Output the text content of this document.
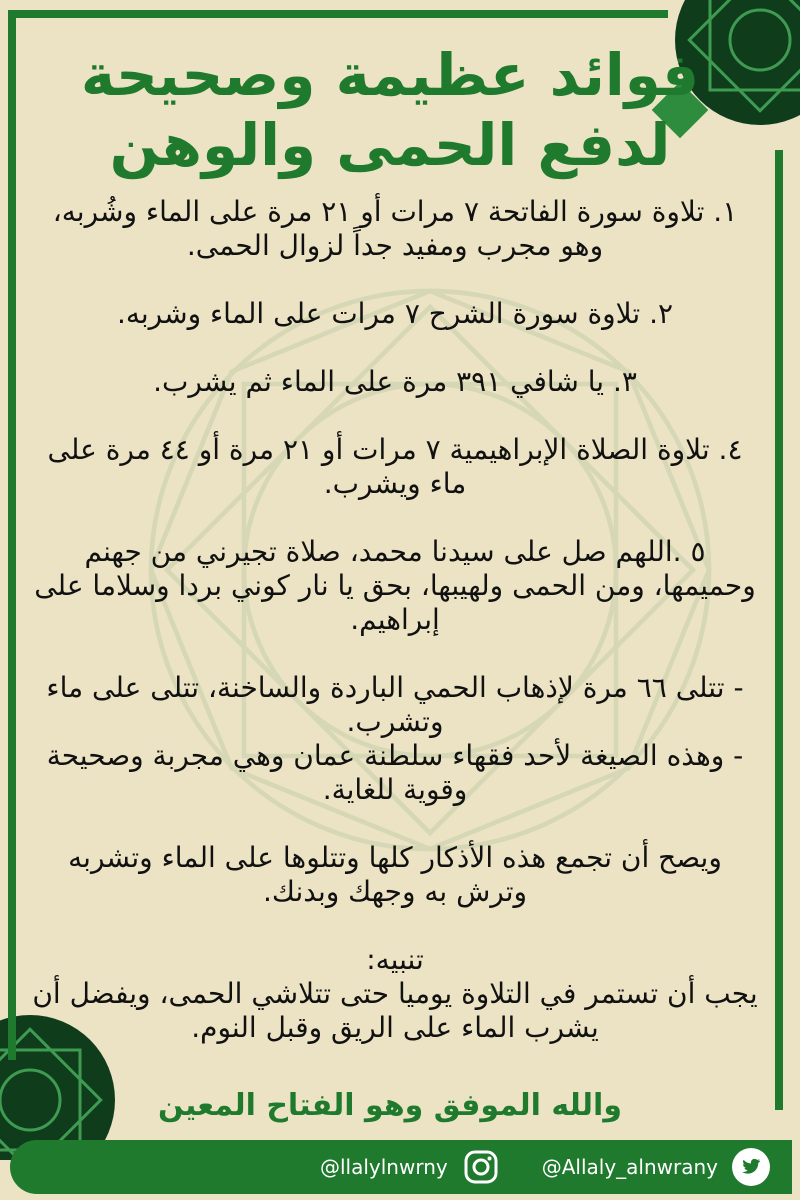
فوائد عظيمة وصحيحة
لدفع الحمى والوهن

١. تلاوة سورة الفاتحة ٧ مرات أو ٢١ مرة على الماء وشُربه، وهو مجرب ومفيد جداً لزوال الحمى.

٢. تلاوة سورة الشرح ٧ مرات على الماء وشربه.

٣. يا شافي ٣٩١ مرة على الماء ثم يشرب.

٤. تلاوة الصلاة الإبراهيمية ٧ مرات أو ٢١ مرة أو ٤٤ مرة على ماء ويشرب.

٥ .اللهم صل على سيدنا محمد، صلاة تجيرني من جهنم وحميمها، ومن الحمى ولهيبها، بحق يا نار كوني بردا وسلاما على إبراهيم.

- تتلى ٦٦ مرة لإذهاب الحمي الباردة والساخنة، تتلى على ماء وتشرب.

- وهذه الصيغة لأحد فقهاء سلطنة عمان وهي مجربة وصحيحة وقوية للغاية.

ويصح أن تجمع هذه الأذكار كلها وتتلوها على الماء وتشربه وترش به وجهك وبدنك.

تنبيه:

يجب أن تستمر في التلاوة يوميا حتى تتلاشي الحمى، ويفضل أن يشرب الماء على الريق وقبل النوم.

والله الموفق وهو الفتاح المعين
@llalylnwrny	@Allaly_alnwrany
